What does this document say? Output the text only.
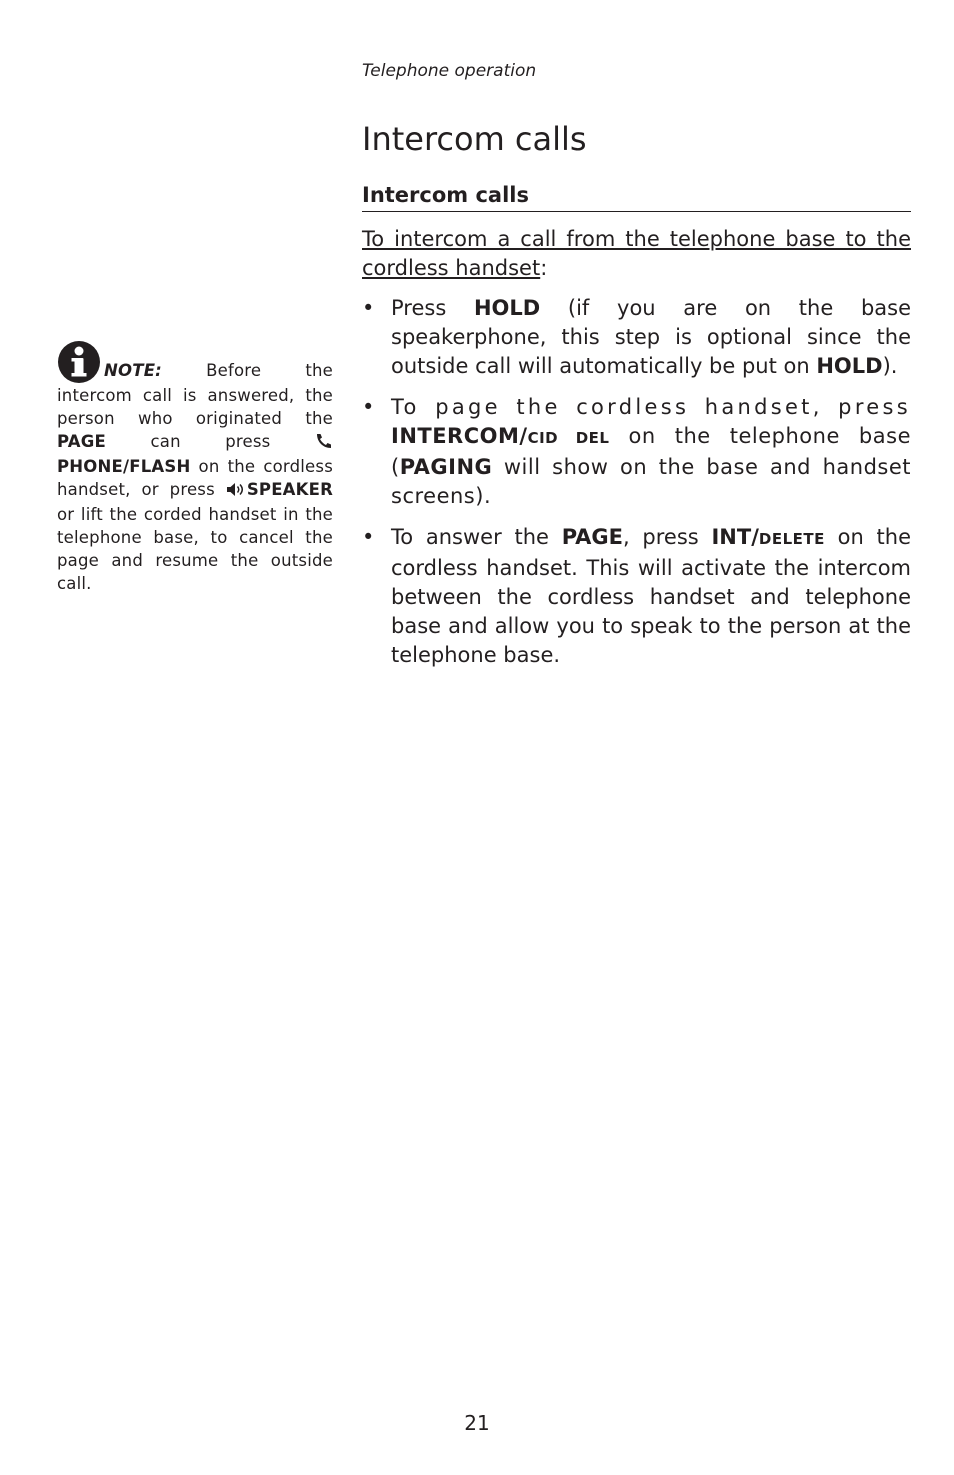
Telephone operation
Intercom calls
Intercom calls
To intercom a call from the telephone base to the cordless handset:
• Press HOLD (if you are on the base speakerphone, this step is optional since the outside call will automatically be put on HOLD).
• To page the cordless handset, press INTERCOM/CID DEL on the telephone base (PAGING will show on the base and handset screens).
• To answer the PAGE, press INT/DELETE on the cordless handset. This will activate the intercom between the cordless handset and telephone base and allow you to speak to the person at the telephone base.
NOTE: Before the intercom call is answered, the person who originated the PAGE can press PHONE/FLASH on the cordless handset, or press SPEAKER or lift the corded handset in the telephone base, to cancel the page and resume the outside call.
21
